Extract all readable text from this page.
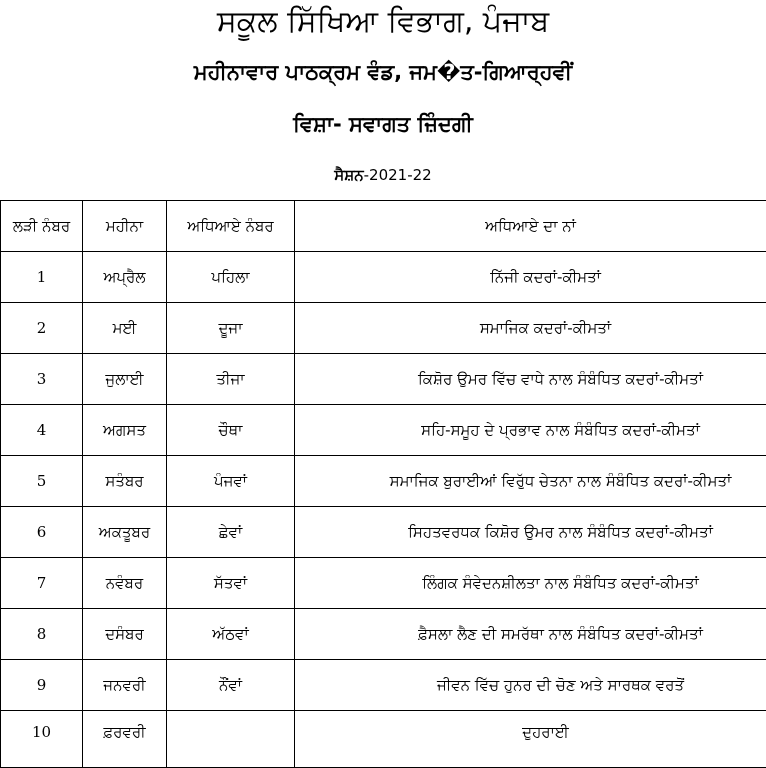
ਸਕੂਲ ਸਿੱਖਿਆ ਵਿਭਾਗ, ਪੰਜਾਬ
ਮਹੀਨਾਵਾਰ ਪਾਠਕ੍ਰਮ ਵੰਡ, ਜਮ�ਤ-ਗਿਆਰ੍ਹਵੀਂ
ਵਿਸ਼ਾ- ਸਵਾਗਤ ਜ਼ਿੰਦਗੀ
ਸੈਸ਼ਨ-2021-22
ਲੜੀ ਨੰਬਰ	ਮਹੀਨਾ	ਅਧਿਆਏ ਨੰਬਰ	ਅਧਿਆਏ ਦਾ ਨਾਂ
1	ਅਪ੍ਰੈਲ	ਪਹਿਲਾ	ਨਿੱਜੀ ਕਦਰਾਂ-ਕੀਮਤਾਂ
2	ਮਈ	ਦੂਜਾ	ਸਮਾਜਿਕ ਕਦਰਾਂ-ਕੀਮਤਾਂ
3	ਜੁਲਾਈ	ਤੀਜਾ	ਕਿਸ਼ੋਰ ਉਮਰ ਵਿੱਚ ਵਾਧੇ ਨਾਲ ਸੰਬੰਧਿਤ ਕਦਰਾਂ-ਕੀਮਤਾਂ
4	ਅਗਸਤ	ਚੌਥਾ	ਸਹਿ-ਸਮੂਹ ਦੇ ਪ੍ਰਭਾਵ ਨਾਲ ਸੰਬੰਧਿਤ ਕਦਰਾਂ-ਕੀਮਤਾਂ
5	ਸਤੰਬਰ	ਪੰਜਵਾਂ	ਸਮਾਜਿਕ ਬੁਰਾਈਆਂ ਵਿਰੁੱਧ ਚੇਤਨਾ ਨਾਲ ਸੰਬੰਧਿਤ ਕਦਰਾਂ-ਕੀਮਤਾਂ
6	ਅਕਤੂਬਰ	ਛੇਵਾਂ	ਸਿਹਤਵਰਧਕ ਕਿਸ਼ੋਰ ਉਮਰ ਨਾਲ ਸੰਬੰਧਿਤ ਕਦਰਾਂ-ਕੀਮਤਾਂ
7	ਨਵੰਬਰ	ਸੱਤਵਾਂ	ਲਿੰਗਕ ਸੰਵੇਦਨਸ਼ੀਲਤਾ ਨਾਲ ਸੰਬੰਧਿਤ ਕਦਰਾਂ-ਕੀਮਤਾਂ
8	ਦਸੰਬਰ	ਅੱਠਵਾਂ	ਫ਼ੈਸਲਾ ਲੈਣ ਦੀ ਸਮਰੱਥਾ ਨਾਲ ਸੰਬੰਧਿਤ ਕਦਰਾਂ-ਕੀਮਤਾਂ
9	ਜਨਵਰੀ	ਨੌਂਵਾਂ	ਜੀਵਨ ਵਿੱਚ ਹੁਨਰ ਦੀ ਚੋਣ ਅਤੇ ਸਾਰਥਕ ਵਰਤੋਂ
10	ਫ਼ਰਵਰੀ		ਦੁਹਰਾਈ
